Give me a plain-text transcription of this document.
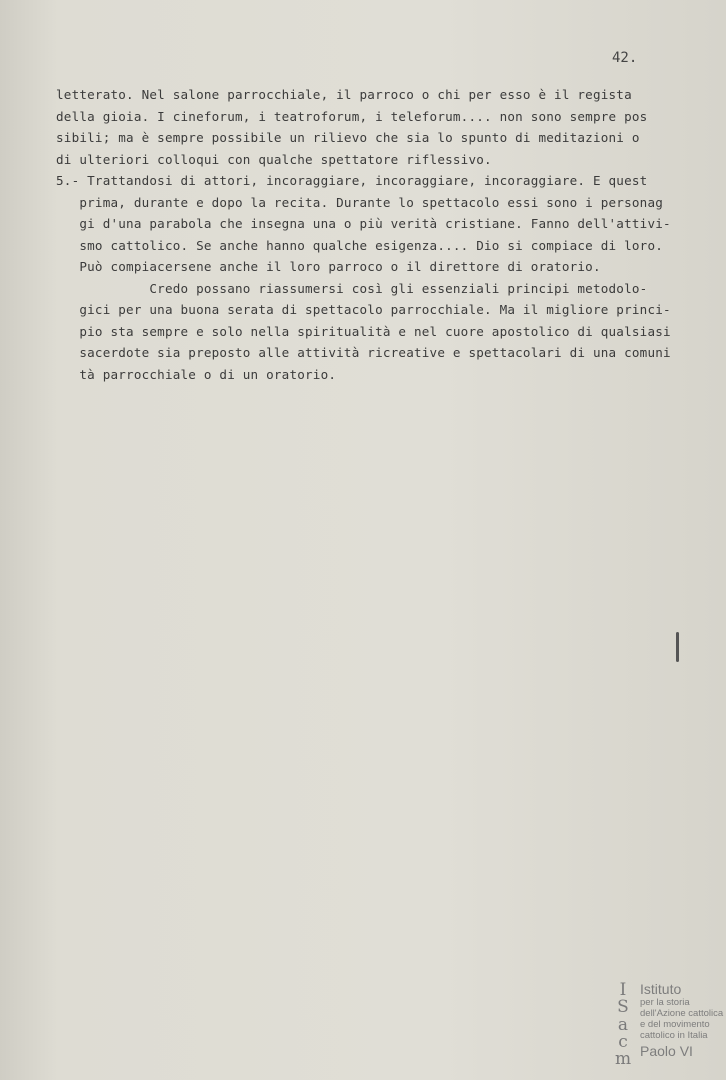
42.
letterato. Nel salone parrocchiale, il parroco o chi per esso è il regista
della gioia. I cineforum, i teatroforum, i teleforum.... non sono sempre pos
sibili; ma è sempre possibile un rilievo che sia lo spunto di meditazioni o
di ulteriori colloqui con qualche spettatore riflessivo.
5.- Trattandosi di attori, incoraggiare, incoraggiare, incoraggiare. E quest
prima, durante e dopo la recita. Durante lo spettacolo essi sono i personag
gi d'una parabola che insegna una o più verità cristiane. Fanno dell'attivi-
smo cattolico. Se anche hanno qualche esigenza.... Dio si compiace di loro.
Può compiacersene anche il loro parroco o il direttore di oratorio.
Credo possano riassumersi così gli essenziali principi metodolo-
gici per una buona serata di spettacolo parrocchiale. Ma il migliore princi-
pio sta sempre e solo nella spiritualità e nel cuore apostolico di qualsiasi
sacerdote sia preposto alle attività ricreative e spettacolari di una comuni
tà parrocchiale o di un oratorio.
I
S
a
c
m
Istituto
per la storia
dell'Azione cattolica
e del movimento
cattolico in Italia
Paolo VI
